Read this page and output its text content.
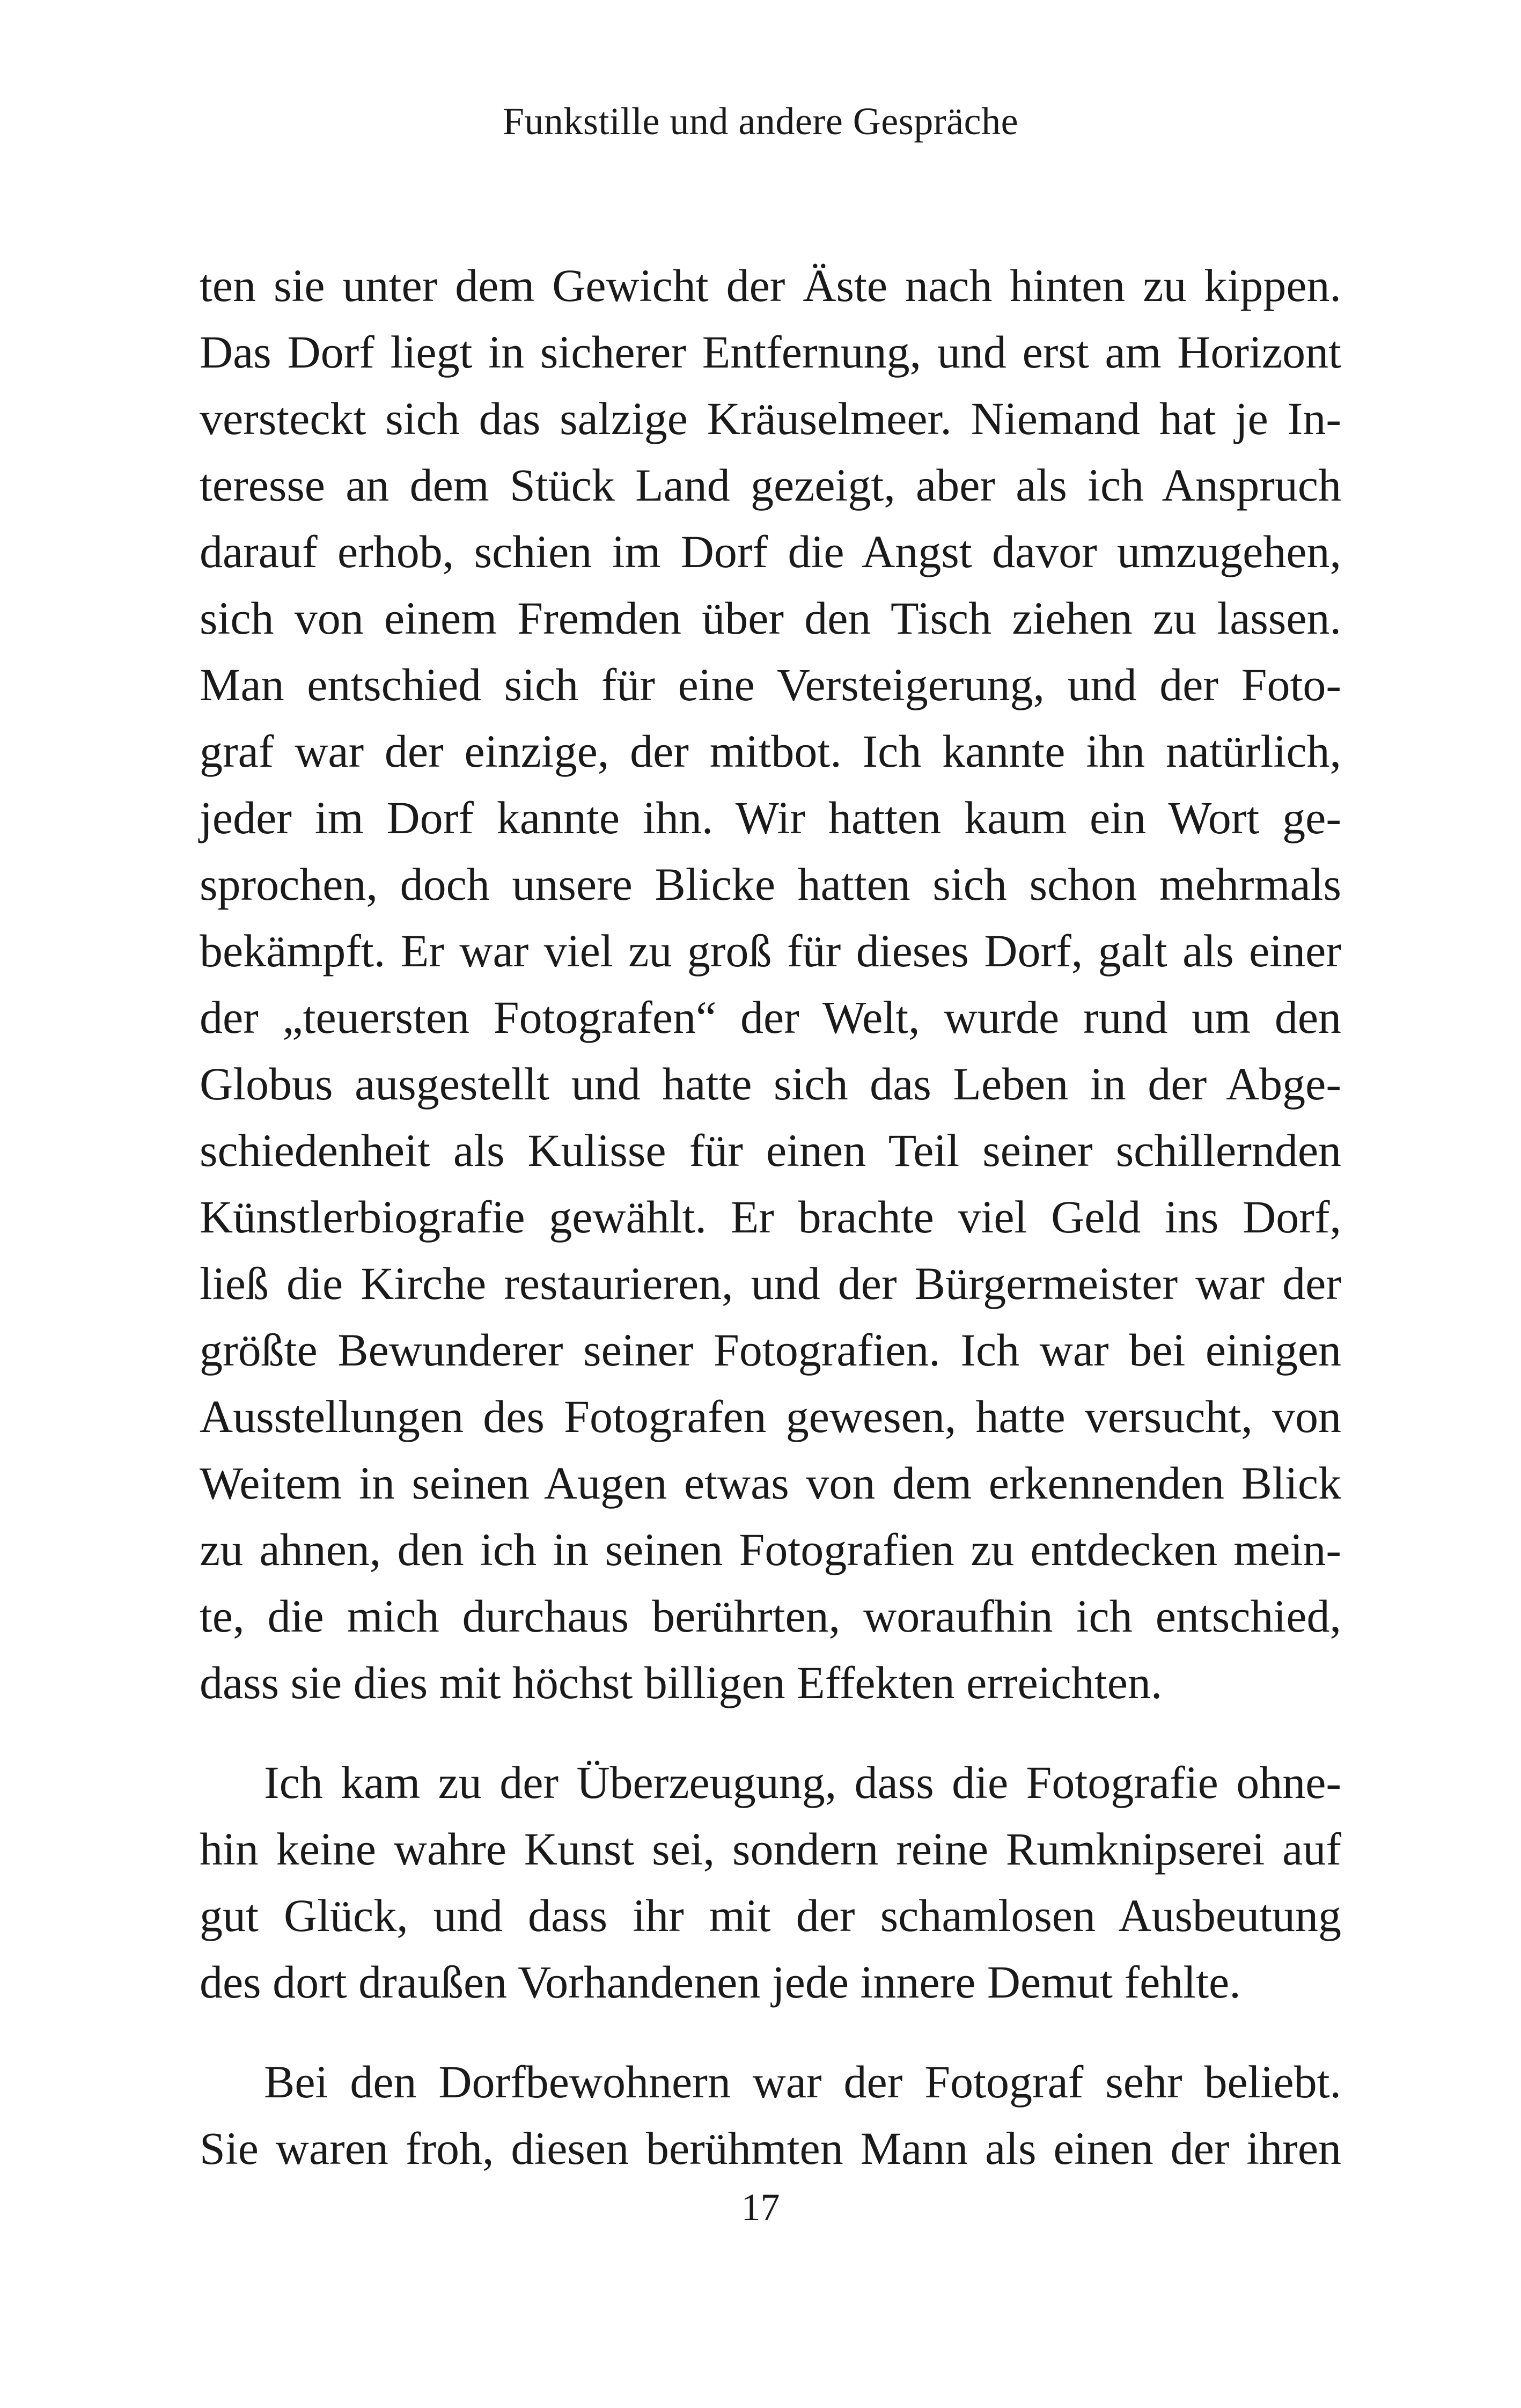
Funkstille und andere Gespräche
ten sie unter dem Gewicht der Äste nach hinten zu kippen.
Das Dorf liegt in sicherer Entfernung, und erst am Horizont
versteckt sich das salzige Kräuselmeer. Niemand hat je In-
teresse an dem Stück Land gezeigt, aber als ich Anspruch
darauf erhob, schien im Dorf die Angst davor umzugehen,
sich von einem Fremden über den Tisch ziehen zu lassen.
Man entschied sich für eine Versteigerung, und der Foto-
graf war der einzige, der mitbot. Ich kannte ihn natürlich,
jeder im Dorf kannte ihn. Wir hatten kaum ein Wort ge-
sprochen, doch unsere Blicke hatten sich schon mehrmals
bekämpft. Er war viel zu groß für dieses Dorf, galt als einer
der „teuersten Fotografen“ der Welt, wurde rund um den
Globus ausgestellt und hatte sich das Leben in der Abge-
schiedenheit als Kulisse für einen Teil seiner schillernden
Künstlerbiografie gewählt. Er brachte viel Geld ins Dorf,
ließ die Kirche restaurieren, und der Bürgermeister war der
größte Bewunderer seiner Fotografien. Ich war bei einigen
Ausstellungen des Fotografen gewesen, hatte versucht, von
Weitem in seinen Augen etwas von dem erkennenden Blick
zu ahnen, den ich in seinen Fotografien zu entdecken mein-
te, die mich durchaus berührten, woraufhin ich entschied,
dass sie dies mit höchst billigen Effekten erreichten.
Ich kam zu der Überzeugung, dass die Fotografie ohne-
hin keine wahre Kunst sei, sondern reine Rumknipserei auf
gut Glück, und dass ihr mit der schamlosen Ausbeutung
des dort draußen Vorhandenen jede innere Demut fehlte.
Bei den Dorfbewohnern war der Fotograf sehr beliebt.
Sie waren froh, diesen berühmten Mann als einen der ihren
17
